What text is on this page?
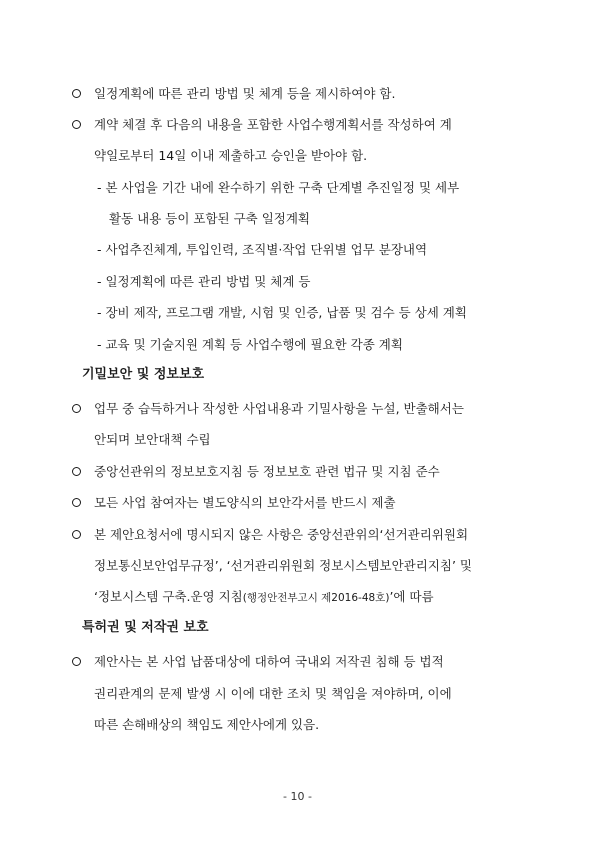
일정계획에 따른 관리 방법 및 체계 등을 제시하여야 함.
계약 체결 후 다음의 내용을 포함한 사업수행계획서를 작성하여 계
약일로부터 14일 이내 제출하고 승인을 받아야 함.
- 본 사업을 기간 내에 완수하기 위한 구축 단계별 추진일정 및 세부
활동 내용 등이 포함된 구축 일정계획
- 사업추진체계, 투입인력, 조직별·작업 단위별 업무 분장내역
- 일정계획에 따른 관리 방법 및 체계 등
- 장비 제작, 프로그램 개발, 시험 및 인증, 납품 및 검수 등 상세 계획
- 교육 및 기술지원 계획 등 사업수행에 필요한 각종 계획
기밀보안 및 정보보호
업무 중 습득하거나 작성한 사업내용과 기밀사항을 누설, 반출해서는
안되며 보안대책 수립
중앙선관위의 정보보호지침 등 정보보호 관련 법규 및 지침 준수
모든 사업 참여자는 별도양식의 보안각서를 반드시 제출
본 제안요청서에 명시되지 않은 사항은 중앙선관위의‘선거관리위원회
정보통신보안업무규정’, ‘선거관리위원회 정보시스템보안관리지침’ 및
‘정보시스템 구축.운영 지침(행정안전부고시 제2016-48호)’에 따름
특허권 및 저작권 보호
제안사는 본 사업 납품대상에 대하여 국내외 저작권 침해 등 법적
권리관계의 문제 발생 시 이에 대한 조치 및 책임을 져야하며, 이에
따른 손해배상의 책임도 제안사에게 있음.
- 10 -
